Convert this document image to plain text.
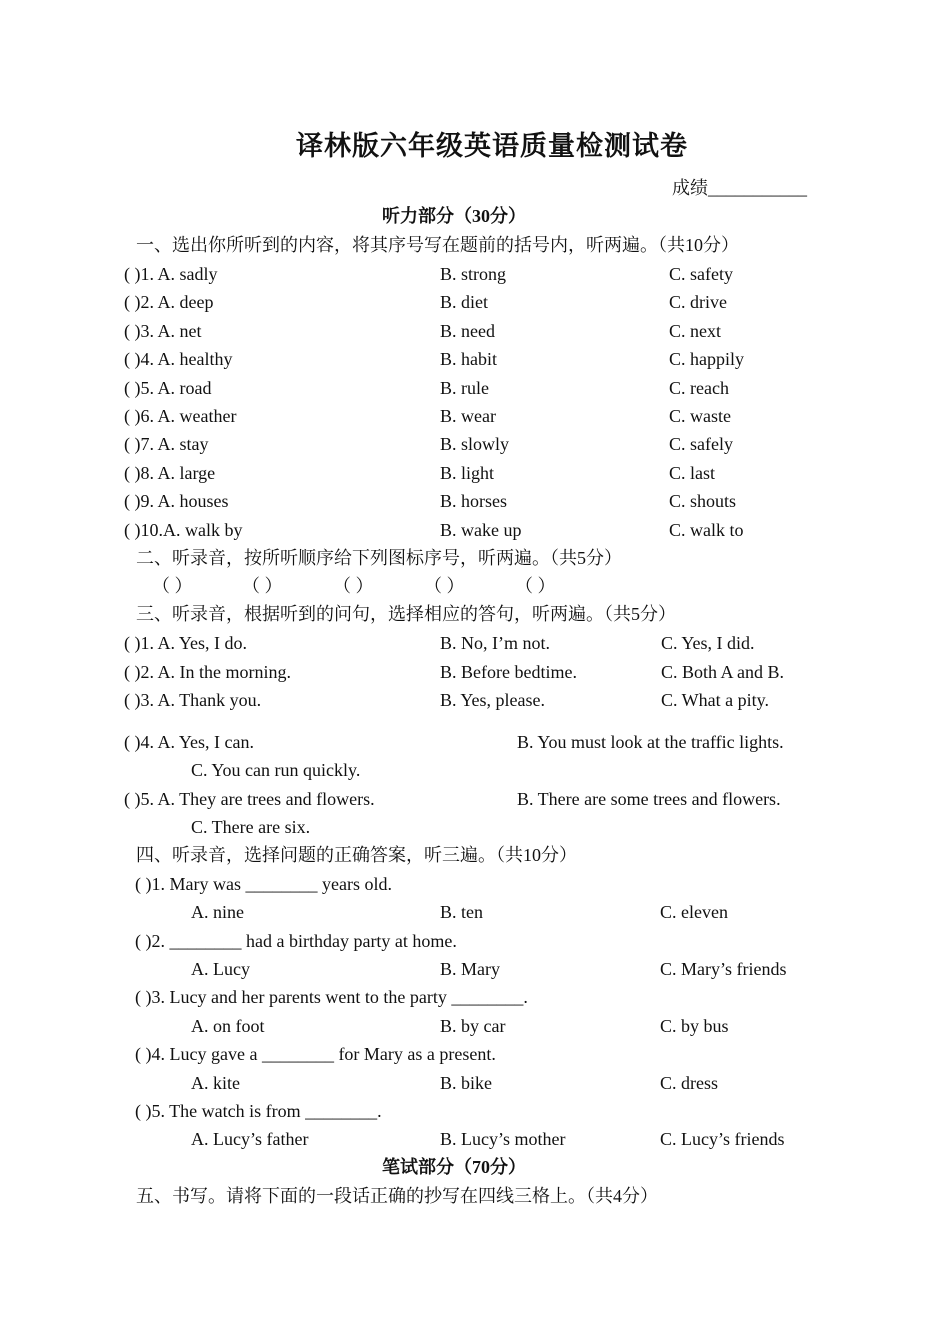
译林版六年级英语质量检测试卷
成绩___________
听力部分（30分）
一、选出你所听到的内容，将其序号写在题前的括号内，听两遍。（共10分）
( )1. A. sadly	B. strong	C. safety
( )2. A. deep	B. diet	C. drive
( )3. A. net	B. need	C. next
( )4. A. healthy	B. habit	C. happily
( )5. A. road	B. rule	C. reach
( )6. A. weather	B. wear	C. waste
( )7. A. stay	B. slowly	C. safely
( )8. A. large	B. light	C. last
( )9. A. houses	B. horses	C. shouts
( )10.A. walk by	B. wake up	C. walk to
二、听录音，按所听顺序给下列图标序号，听两遍。（共5分）
（ ）	（ ）	（ ）	（ ）	（ ）
三、听录音，根据听到的问句，选择相应的答句，听两遍。（共5分）
( )1. A. Yes, I do.	B. No, I’m not.	C. Yes, I did.
( )2. A. In the morning.	B. Before bedtime.	C. Both A and B.
( )3. A. Thank you.	B. Yes, please.	C. What a pity.
( )4. A. Yes, I can.	B. You must look at the traffic lights.
C. You can run quickly.
( )5. A. They are trees and flowers.	B. There are some trees and flowers.
C. There are six.
四、听录音，选择问题的正确答案，听三遍。（共10分）
( )1. Mary was ________ years old.
A. nine	B. ten	C. eleven
( )2. ________ had a birthday party at home.
A. Lucy	B. Mary	C. Mary’s friends
( )3. Lucy and her parents went to the party ________.
A. on foot	B. by car	C. by bus
( )4. Lucy gave a ________ for Mary as a present.
A. kite	B. bike	C. dress
( )5. The watch is from ________.
A. Lucy’s father	B. Lucy’s mother	C. Lucy’s friends
笔试部分（70分）
五、书写。请将下面的一段话正确的抄写在四线三格上。（共4分）
